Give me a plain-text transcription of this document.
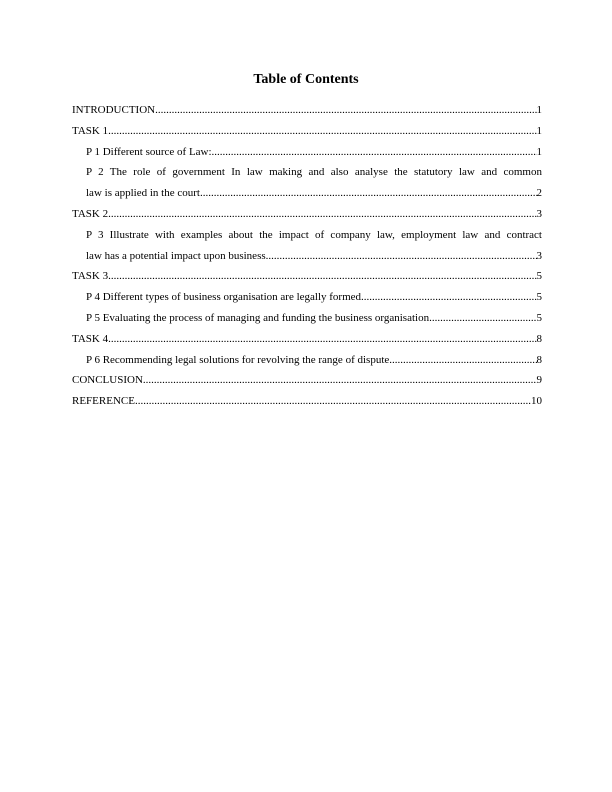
Table of Contents
INTRODUCTION .....	1
TASK 1 .....	1
P 1 Different source of Law: .....	1
P 2 The role of government In law making and also analyse the statutory law and common
law is applied in the court .....	2
TASK 2 .....	3
P 3 Illustrate with examples about the impact of company law, employment law and contract
law has a potential impact upon business .....	3
TASK 3 .....	5
P 4 Different types of business organisation are legally formed .....	5
P 5 Evaluating the process of managing and funding the business organisation .....	5
TASK 4 .....	8
P 6 Recommending legal solutions for revolving the range of dispute .....	8
CONCLUSION .....	9
REFERENCE .....	10
